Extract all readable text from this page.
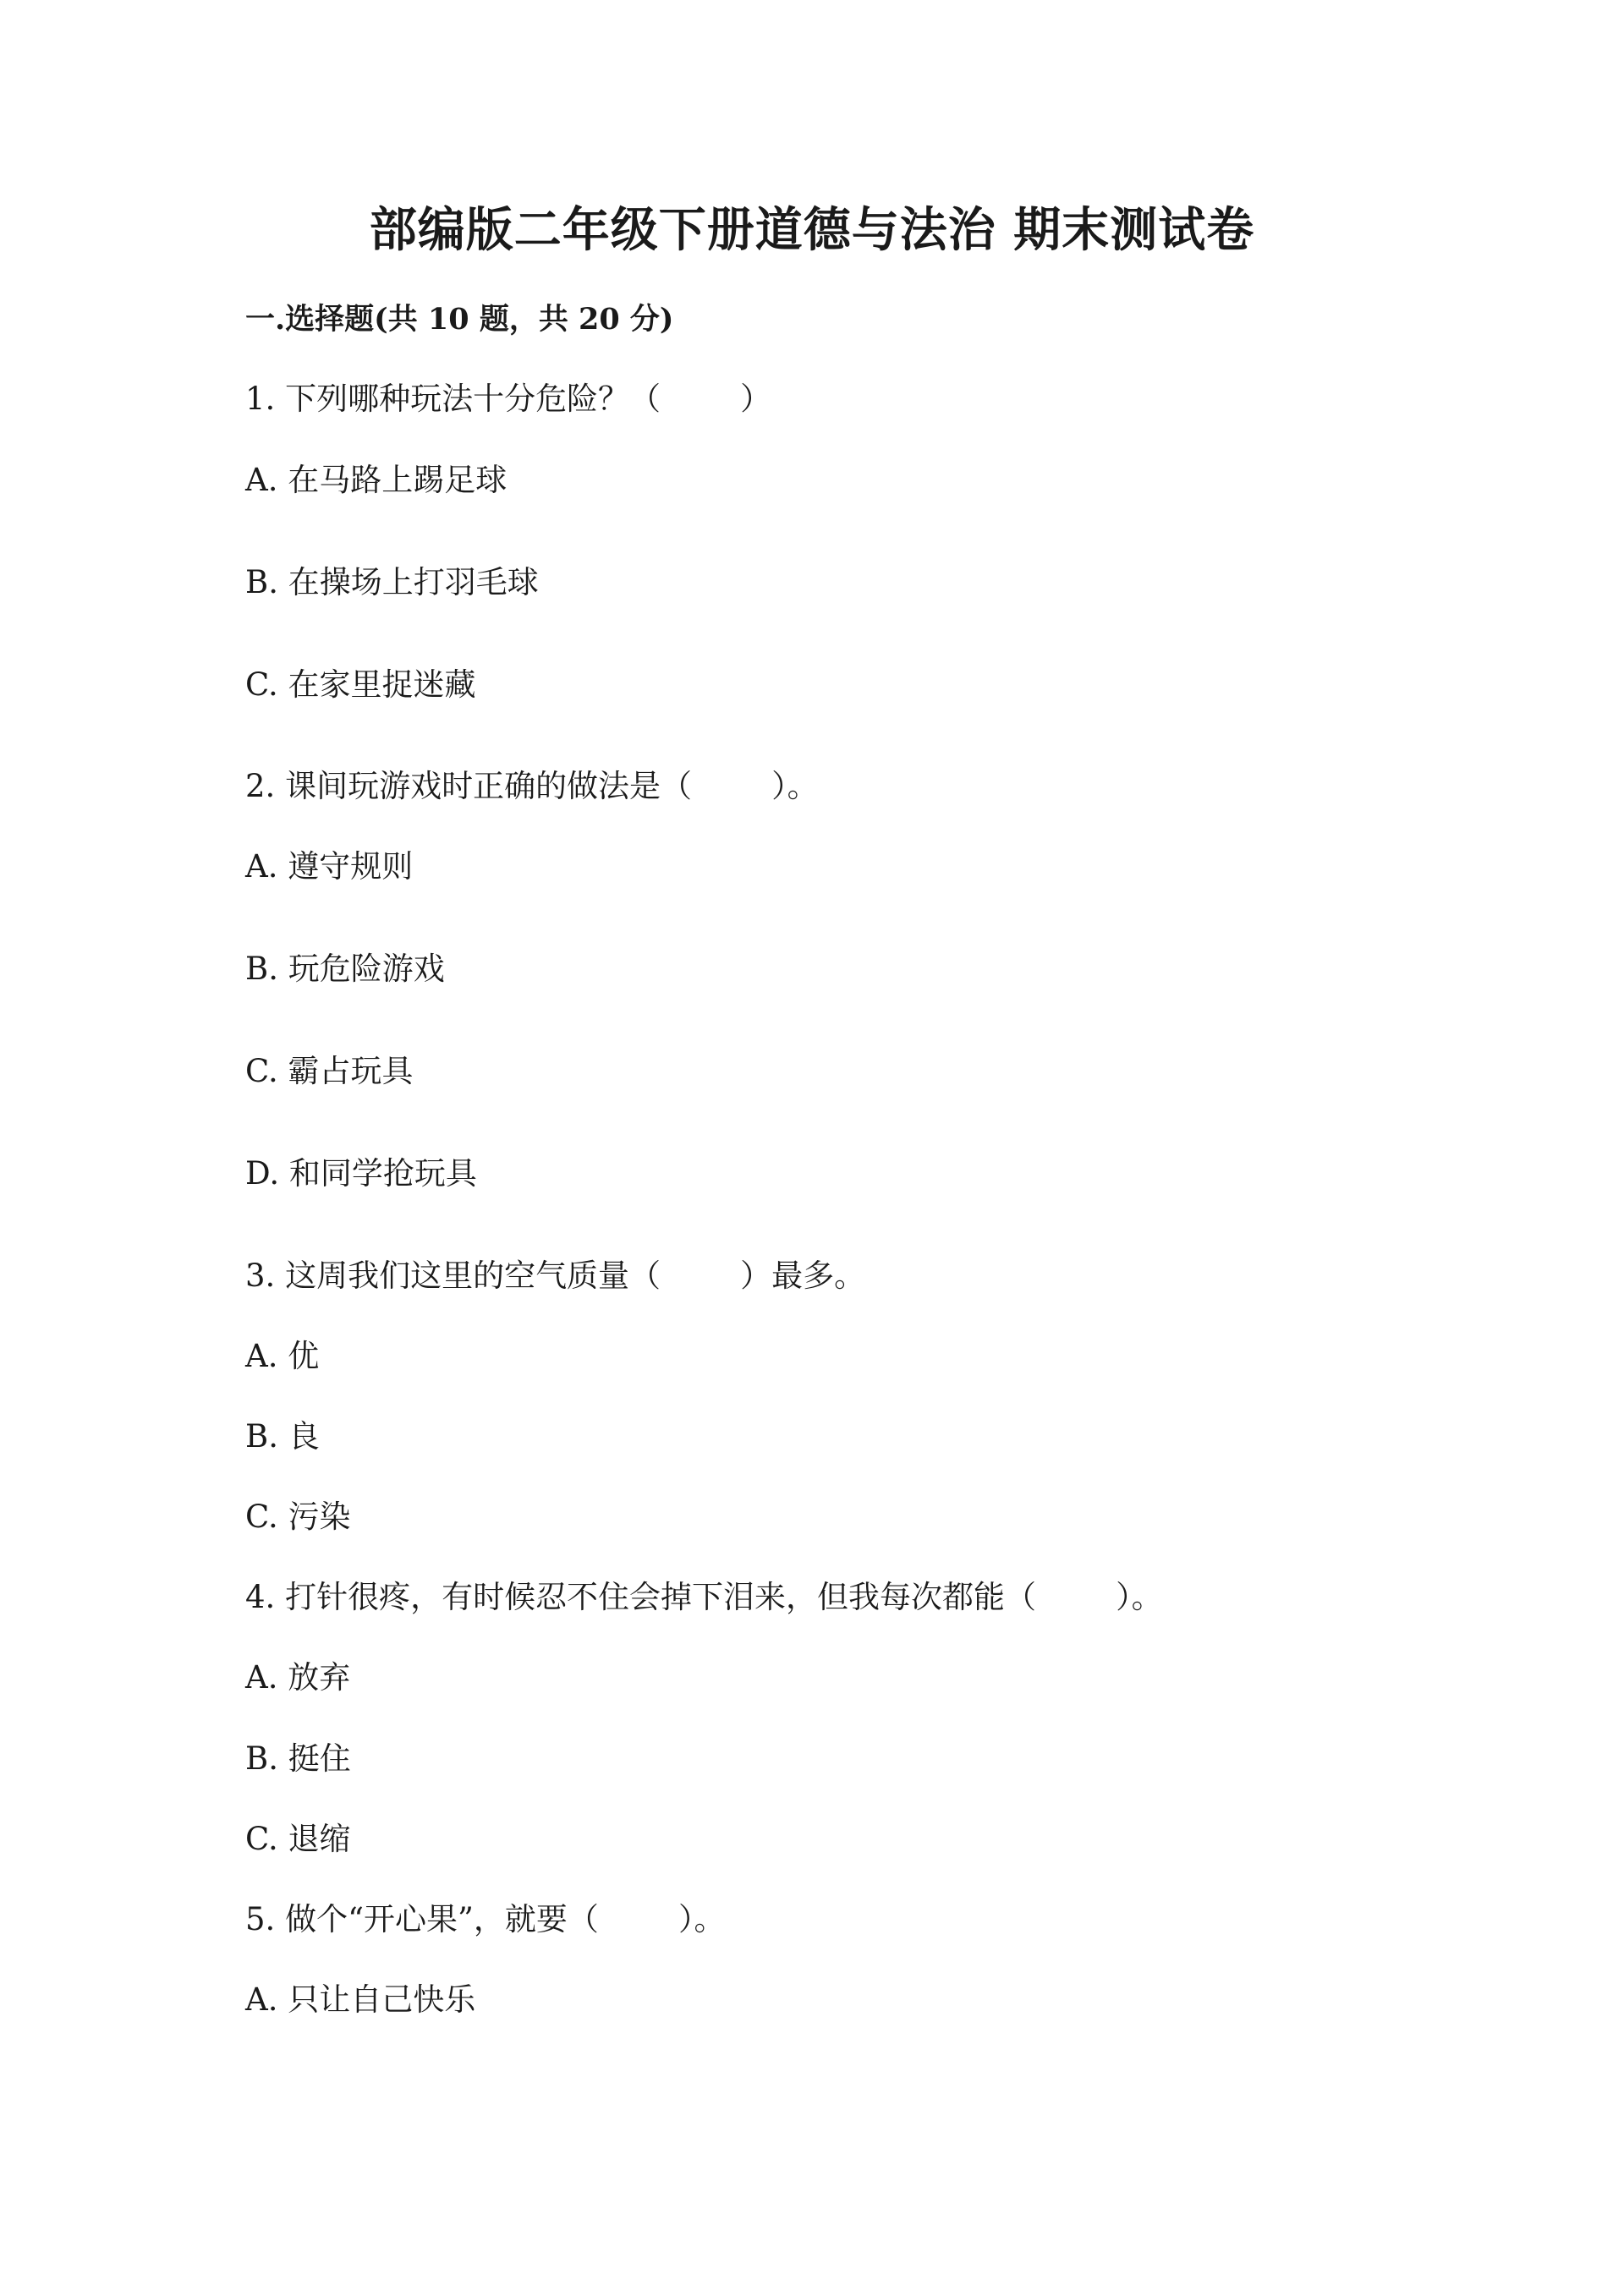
部编版二年级下册道德与法治 期末测试卷
一.选择题(共 10 题，共 20 分)
1. 下列哪种玩法十分危险？（        ）
A. 在马路上踢足球
B. 在操场上打羽毛球
C. 在家里捉迷藏
2. 课间玩游戏时正确的做法是（        ）。
A. 遵守规则
B. 玩危险游戏
C. 霸占玩具
D. 和同学抢玩具
3. 这周我们这里的空气质量（        ）最多。
A. 优
B. 良
C. 污染
4. 打针很疼，有时候忍不住会掉下泪来，但我每次都能（        ）。
A. 放弃
B. 挺住
C. 退缩
5. 做个“开心果”，就要（        ）。
A. 只让自己快乐
